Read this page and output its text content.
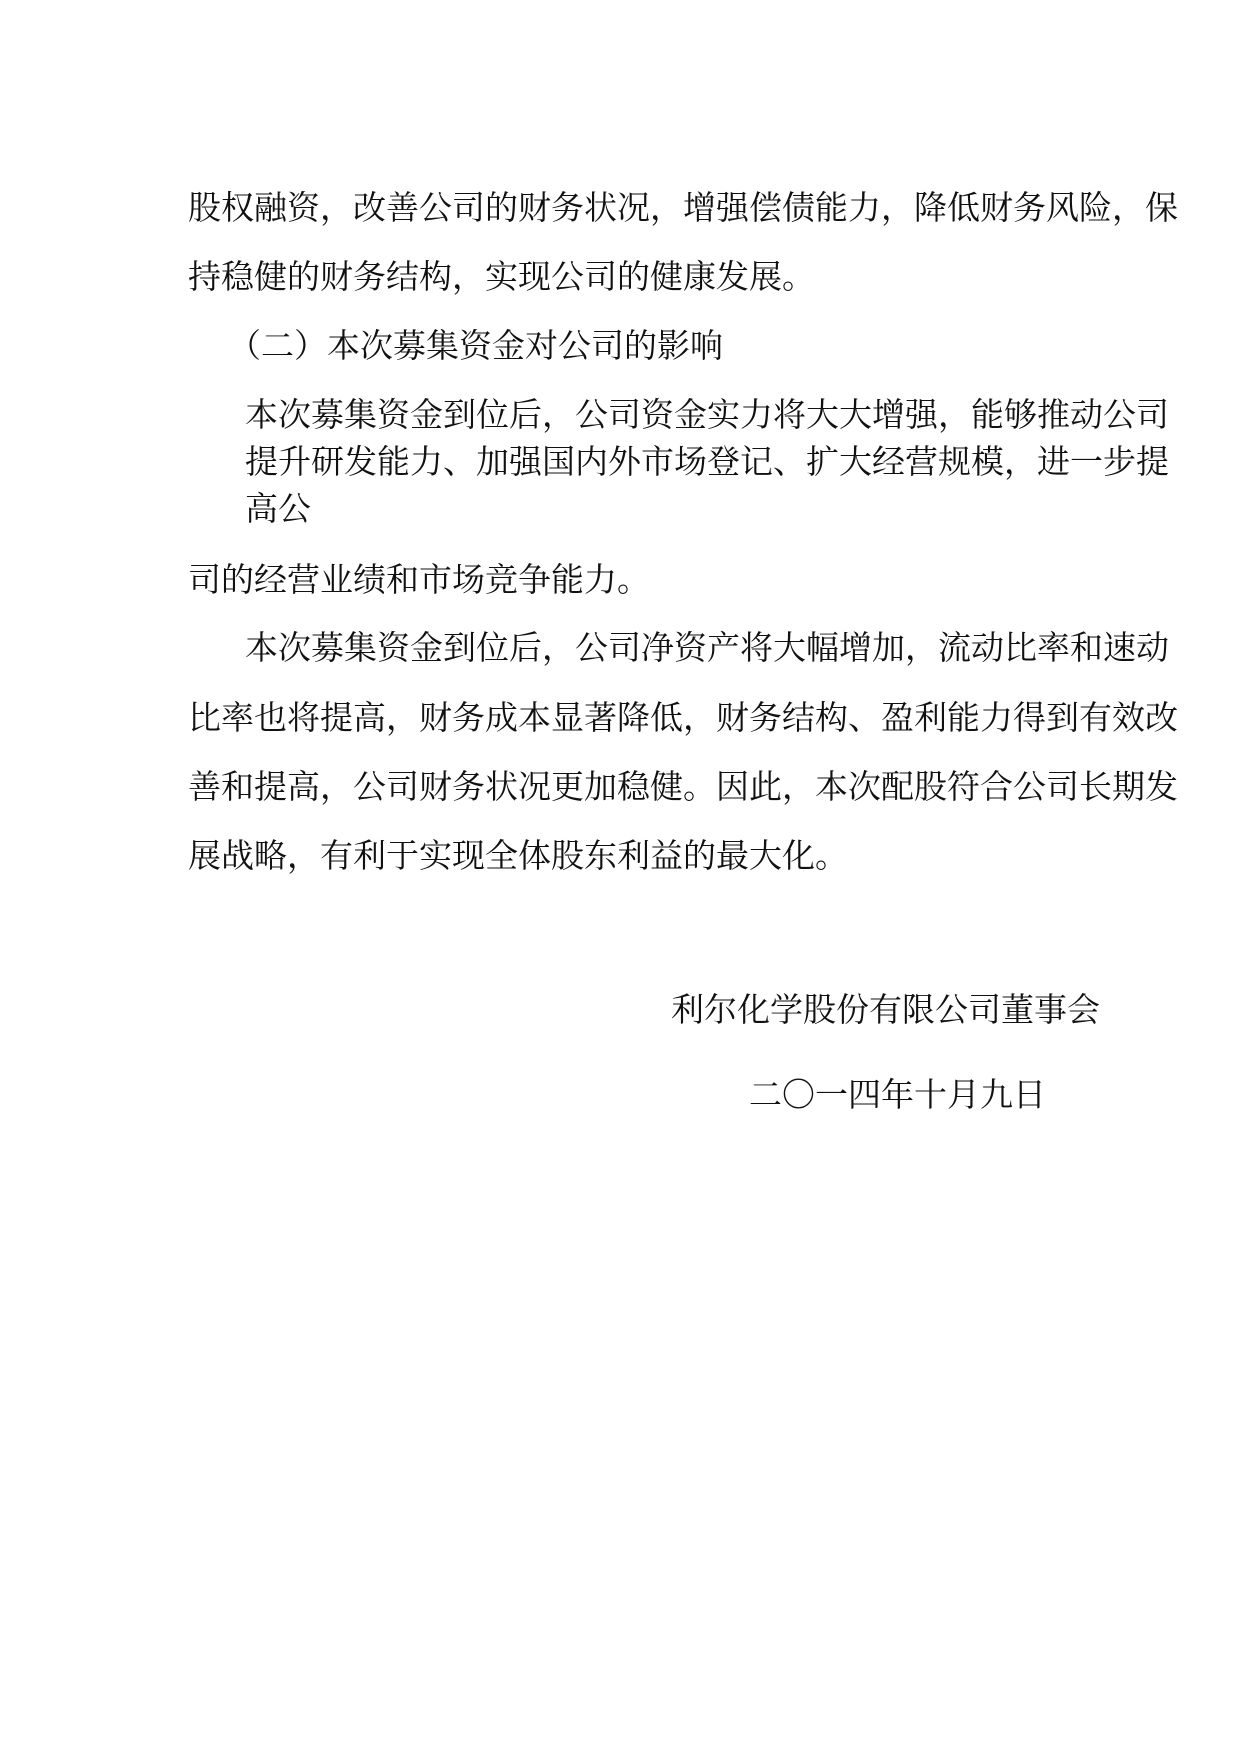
股权融资，改善公司的财务状况，增强偿债能力，降低财务风险，保
持稳健的财务结构，实现公司的健康发展。
（二）本次募集资金对公司的影响
本次募集资金到位后，公司资金实力将大大增强，能够推动公司
提升研发能力、加强国内外市场登记、扩大经营规模，进一步提
高公
司的经营业绩和市场竞争能力。
本次募集资金到位后，公司净资产将大幅增加，流动比率和速动
比率也将提高，财务成本显著降低，财务结构、盈利能力得到有效改
善和提高，公司财务状况更加稳健。因此，本次配股符合公司长期发
展战略，有利于实现全体股东利益的最大化。
利尔化学股份有限公司董事会
二〇一四年十月九日
